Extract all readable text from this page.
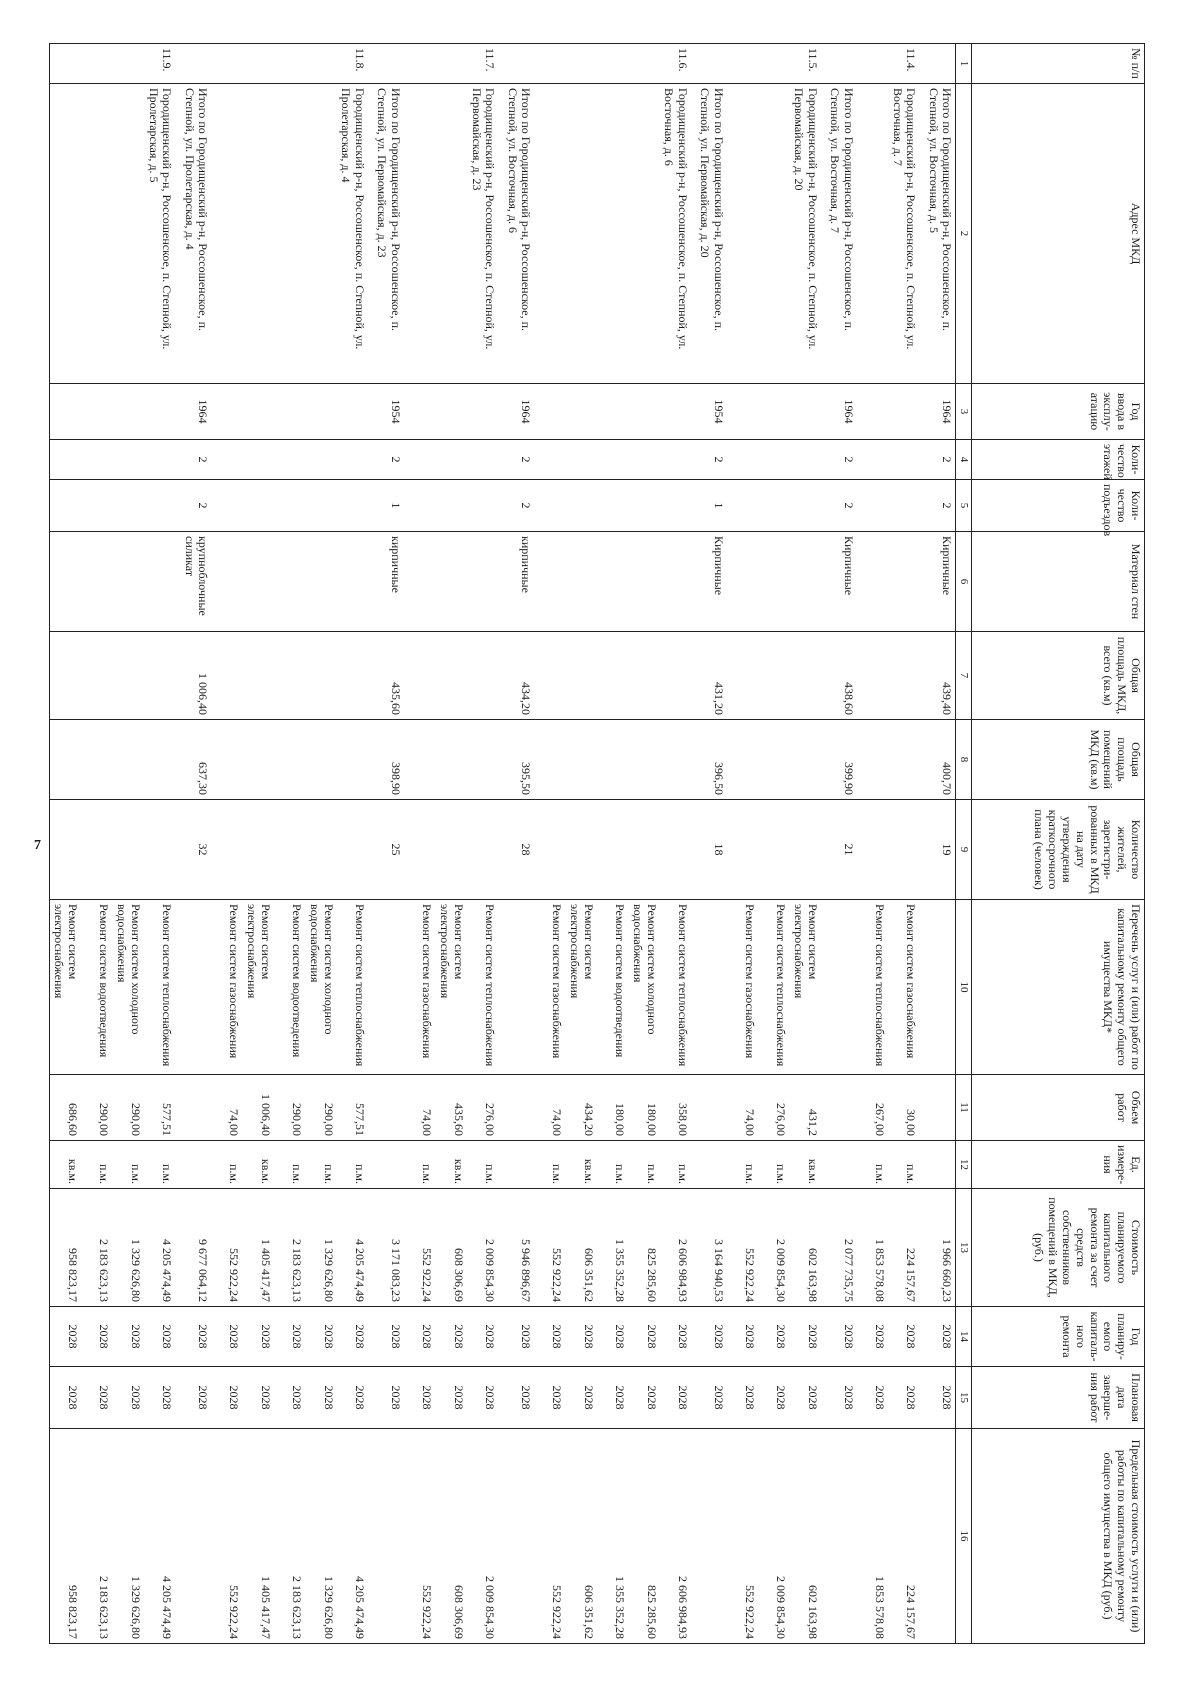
7
№ п/п	Адрес МКД	Год ввода в эксплу-атацию	Коли-чество этажей	Коли-чество подъездов	Материал стен	Общая площадь МКД, всего (кв.м)	Общая площадь помещений МКД (кв.м)	Количество жителей, зарегистри-рованных в МКД на дату утверждения краткосрочного плана (человек)	Перечень услуг и (или) работ по капитальному ремонту общего имущества МКД*	Объем работ	Ед. измере-ния	Стоимость планируемого капитального ремонта за счет средств собственников помещений в МКД, (руб.)	Год планиру-емого капиталь-ного ремонта	Плановая дата заверше-ния работ	Предельная стоимость услуги и (или) работы по капитальному ремонту общего имущества в МКД (руб.)
1	2	3	4	5	6	7	8	9	10	11	12	13	14	15	16
	Итого по Городищенский р-н, Россошенское, п. Степной, ул. Восточная, д. 5	1964	2	2	Кирпичные	439,40	400,70	19				1 966 660,23	2028	2028	
11.4.	Городищенский р-н, Россошенское, п. Степной, ул. Восточная, д. 7								Ремонт систем газоснабжения	30,00	п.м.	224 157,67	2028	2028	224 157,67
									Ремонт систем теплоснабжения	267,00	п.м.	1 853 578,08	2028	2028	1 853 578,08
	Итого по Городищенский р-н, Россошенское, п. Степной, ул. Восточная, д. 7	1964	2	2	Кирпичные	438,60	399,90	21				2 077 735,75	2028	2028	
11.5.	Городищенский р-н, Россошенское, п. Степной, ул. Первомайская, д. 20								Ремонт систем электроснабжения	431,2	кв.м.	602 163,98	2028	2028	602 163,98
									Ремонт систем теплоснабжения	276,00	п.м.	2 009 854,30	2028	2028	2 009 854,30
									Ремонт систем газоснабжения	74,00	п.м.	552 922,24	2028	2028	552 922,24
	Итого по Городищенский р-н, Россошенское, п. Степной, ул. Первомайская, д. 20	1954	2	1	Кирпичные	431,20	396,50	18				3 164 940,53	2028	2028	
11.6.	Городищенский р-н, Россошенское, п. Степной, ул. Восточная, д. 6								Ремонт систем теплоснабжения	358,00	п.м.	2 606 984,93	2028	2028	2 606 984,93
									Ремонт систем холодного водоснабжения	180,00	п.м.	825 285,60	2028	2028	825 285,60
									Ремонт систем водоотведения	180,00	п.м.	1 355 352,28	2028	2028	1 355 352,28
									Ремонт систем электроснабжения	434,20	кв.м.	606 351,62	2028	2028	606 351,62
									Ремонт систем газоснабжения	74,00	п.м.	552 922,24	2028	2028	552 922,24
	Итого по Городищенский р-н, Россошенское, п. Степной, ул. Восточная, д. 6	1964	2	2	кирпичные	434,20	395,50	28				5 946 896,67	2028	2028	
11.7.	Городищенский р-н, Россошенское, п. Степной, ул. Первомайская, д. 23								Ремонт систем теплоснабжения	276,00	п.м.	2 009 854,30	2028	2028	2 009 854,30
									Ремонт систем электроснабжения	435,60	кв.м.	608 306,69	2028	2028	608 306,69
									Ремонт систем газоснабжения	74,00	п.м.	552 922,24	2028	2028	552 922,24
	Итого по Городищенский р-н, Россошенское, п. Степной, ул. Первомайская, д. 23	1954	2	1	кирпичные	435,60	398,90	25				3 171 083,23	2028	2028	
11.8.	Городищенский р-н, Россошенское, п. Степной, ул. Пролетарская, д. 4								Ремонт систем теплоснабжения	577,51	п.м.	4 205 474,49	2028	2028	4 205 474,49
									Ремонт систем холодного водоснабжения	290,00	п.м.	1 329 626,80	2028	2028	1 329 626,80
									Ремонт систем водоотведения	290,00	п.м.	2 183 623,13	2028	2028	2 183 623,13
									Ремонт систем электроснабжения	1 006,40	кв.м.	1 405 417,47	2028	2028	1 405 417,47
									Ремонт систем газоснабжения	74,00	п.м.	552 922,24	2028	2028	552 922,24
	Итого по Городищенский р-н, Россошенское, п. Степной, ул. Пролетарская, д. 4	1964	2	2	крупноблочные силикат	1 006,40	637,30	32				9 677 064,12	2028	2028	
11.9.	Городищенский р-н, Россошенское, п. Степной, ул. Пролетарская, д. 5								Ремонт систем теплоснабжения	577,51	п.м.	4 205 474,49	2028	2028	4 205 474,49
									Ремонт систем холодного водоснабжения	290,00	п.м.	1 329 626,80	2028	2028	1 329 626,80
									Ремонт систем водоотведения	290,00	п.м.	2 183 623,13	2028	2028	2 183 623,13
									Ремонт систем электроснабжения	686,60	кв.м.	958 823,17	2028	2028	958 823,17
